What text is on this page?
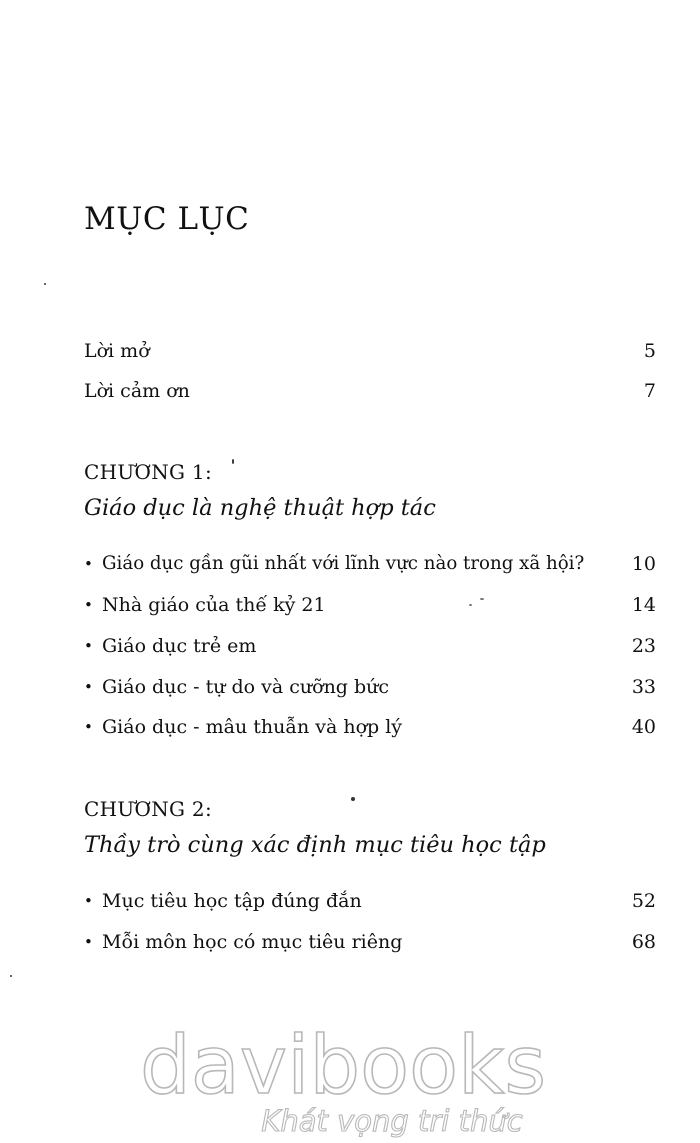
MỤC LỤC
Lời mở	5
Lời cảm ơn	7
CHƯƠNG 1:
Giáo dục là nghệ thuật hợp tác
• Giáo dục gần gũi nhất với lĩnh vực nào trong xã hội?	10
• Nhà giáo của thế kỷ 21	14
• Giáo dục trẻ em	23
• Giáo dục - tự do và cưỡng bức	33
• Giáo dục - mâu thuẫn và hợp lý	40
CHƯƠNG 2:
Thầy trò cùng xác định mục tiêu học tập
• Mục tiêu học tập đúng đắn	52
• Mỗi môn học có mục tiêu riêng	68
davibooks
Khát vọng tri thức
